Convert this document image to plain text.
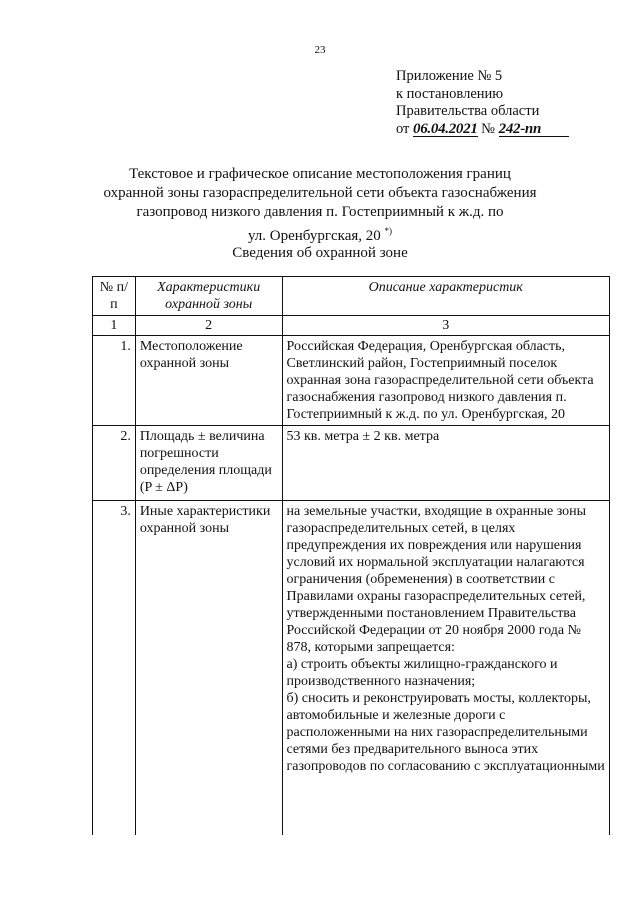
23
Приложение № 5
к постановлению
Правительства области
от 06.04.2021 № 242-пп
Текстовое и графическое описание местоположения границ
охранной зоны газораспределительной сети объекта газоснабжения
газопровод низкого давления п. Гостеприимный к ж.д. по
ул. Оренбургская, 20 *)
Сведения об охранной зоне
№ п/п	Характеристики охранной зоны	Описание характеристик
1	2	3
1.	Местоположение охранной зоны	Российская Федерация, Оренбургская область, Светлинский район, Гостеприимный поселок охранная зона газораспределительной сети объекта газоснабжения газопровод низкого давления п. Гостеприимный к ж.д. по ул. Оренбургская, 20
2.	Площадь ± величина погрешности определения площади (P ± ΔP)	53 кв. метра ± 2 кв. метра
3.	Иные характеристики охранной зоны	на земельные участки, входящие в охранные зоны газораспределительных сетей, в целях предупреждения их повреждения или нарушения условий их нормальной эксплуатации налагаются ограничения (обременения) в соответствии с Правилами охраны газораспределительных сетей, утвержденными постановлением Правительства Российской Федерации от 20 ноября 2000 года № 878, которыми запрещается:
а) строить объекты жилищно-гражданского и производственного назначения;
б) сносить и реконструировать мосты, коллекторы, автомобильные и железные дороги с расположенными на них газораспределительными сетями без предварительного выноса этих газопроводов по согласованию с эксплуатационными
